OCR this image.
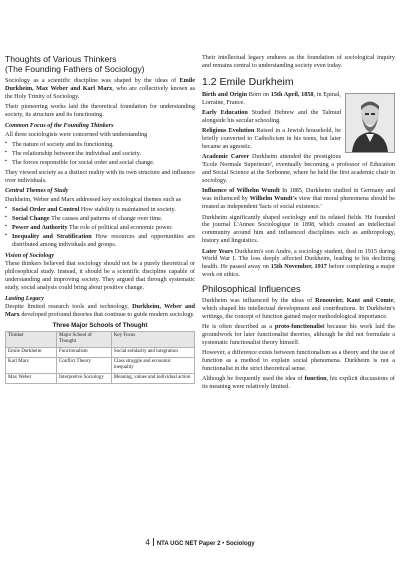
Thoughts of Various Thinkers
(The Founding Fathers of Sociology)

Sociology as a scientific discipline was shaped by the ideas of Emile Durkheim, Max Weber and Karl Marx, who are collectively known as the Holy Trinity of Sociology.

Their pioneering works laid the theoretical foundation for understanding society, its structure and its functioning.

Common Focus of the Founding Thinkers

All three sociologists were concerned with understanding

▪ The nature of society and its functioning.
▪ The relationship between the individual and society.
▪ The forces responsible for social order and social change.

They viewed society as a distinct reality with its own structure and influence over individuals.

Central Themes of Study

Durkheim, Weber and Marx addressed key sociological themes such as

▪ Social Order and Control How stability is maintained in society.
▪ Social Change The causes and patterns of change over time.
▪ Power and Authority The role of political and economic power.
▪ Inequality and Stratification How resources and opportunities are distributed among individuals and groups.
Vision of Sociology

These thinkers believed that sociology should not be a purely theoretical or philosophical study. Instead, it should be a scientific discipline capable of understanding and improving society. They argued that through systematic study, social analysis could bring about positive change.

Lasting Legacy

Despite limited research tools and technology, Durkheim, Weber and Marx developed profound theories that continue to guide modern sociology.

Three Major Schools of Thought
Thinker	Major School of Thought	Key Focus
Emile Durkheim	Functionalism	Social solidarity and integration
Karl Marx	Conflict Theory	Class struggle and economic inequality
Max Weber	Interpretive Sociology	Meaning, values and individual action

Their intellectual legacy endures as the foundation of sociological inquiry and remains central to understanding society even today.

1.2 Emile Durkheim

Birth and Origin Born on 15th April, 1858, in Epinal, Lorraine, France.

Early Education Studied Hebrew and the Talmud alongside his secular schooling.

Religious Evolution Raised in a Jewish household, he briefly converted to Catholicism in his teens, but later became an agnostic.

Academic Career Durkheim attended the prestigious 'Ecole Normale Superieure', eventually becoming a professor of Education and Social Science at the Sorbonne, where he held the first academic chair in sociology.

Influence of Wilhelm Wundt In 1885, Durkheim studied in Germany and was influenced by Wilhelm Wundt's view that moral phenomena should be treated as independent 'facts of social existence.'

Durkheim significantly shaped sociology and its related fields. He founded the journal L'Annee Sociologique in 1898, which created an intellectual community around him and influenced disciplines such as anthropology, history and linguistics.

Later Years Durkheim's son Andre, a sociology student, died in 1915 during World War I. The loss deeply affected Durkheim, leading to his declining health. He passed away on 15th November, 1917 before completing a major work on ethics.

Philosophical Influences

Durkheim was influenced by the ideas of Renouvier, Kant and Comte, which shaped his intellectual development and contributions. In Durkheim's writings, the concept of function gained major methodological importance.

He is often described as a proto-functionalist because his work laid the groundwork for later functionalist theories, although he did not formulate a systematic functionalist theory himself.

However, a difference exists between functionalism as a theory and the use of function as a method to explain social phenomena. Durkheim is not a functionalist in the strict theoretical sense.

Although he frequently used the idea of function, his explicit discussions of its meaning were relatively limited.

4 NTA UGC NET Paper 2 • Sociology
